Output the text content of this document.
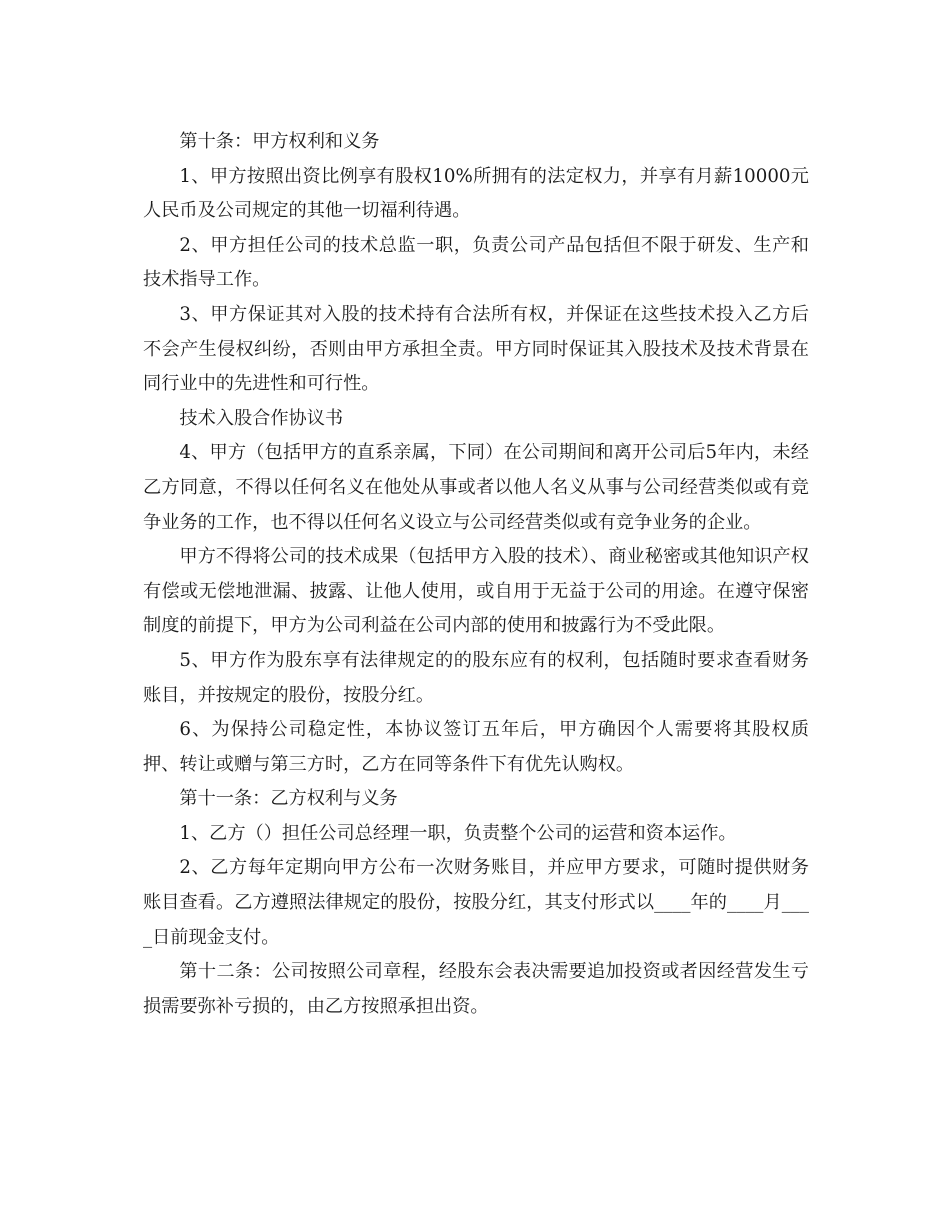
第十条：甲方权利和义务

1、甲方按照出资比例享有股权10%所拥有的法定权力，并享有月薪10000元人民币及公司规定的其他一切福利待遇。

2、甲方担任公司的技术总监一职，负责公司产品包括但不限于研发、生产和技术指导工作。

3、甲方保证其对入股的技术持有合法所有权，并保证在这些技术投入乙方后不会产生侵权纠纷，否则由甲方承担全责。甲方同时保证其入股技术及技术背景在同行业中的先进性和可行性。

技术入股合作协议书

4、甲方（包括甲方的直系亲属，下同）在公司期间和离开公司后5年内，未经乙方同意，不得以任何名义在他处从事或者以他人名义从事与公司经营类似或有竞争业务的工作，也不得以任何名义设立与公司经营类似或有竞争业务的企业。

甲方不得将公司的技术成果（包括甲方入股的技术）、商业秘密或其他知识产权有偿或无偿地泄漏、披露、让他人使用，或自用于无益于公司的用途。在遵守保密制度的前提下，甲方为公司利益在公司内部的使用和披露行为不受此限。

5、甲方作为股东享有法律规定的的股东应有的权利，包括随时要求查看财务账目，并按规定的股份，按股分红。

6、为保持公司稳定性，本协议签订五年后，甲方确因个人需要将其股权质押、转让或赠与第三方时，乙方在同等条件下有优先认购权。

第十一条：乙方权利与义务

1、乙方（）担任公司总经理一职，负责整个公司的运营和资本运作。

2、乙方每年定期向甲方公布一次财务账目，并应甲方要求，可随时提供财务账目查看。乙方遵照法律规定的股份，按股分红，其支付形式以____年的____月____日前现金支付。

第十二条：公司按照公司章程，经股东会表决需要追加投资或者因经营发生亏损需要弥补亏损的，由乙方按照承担出资。
